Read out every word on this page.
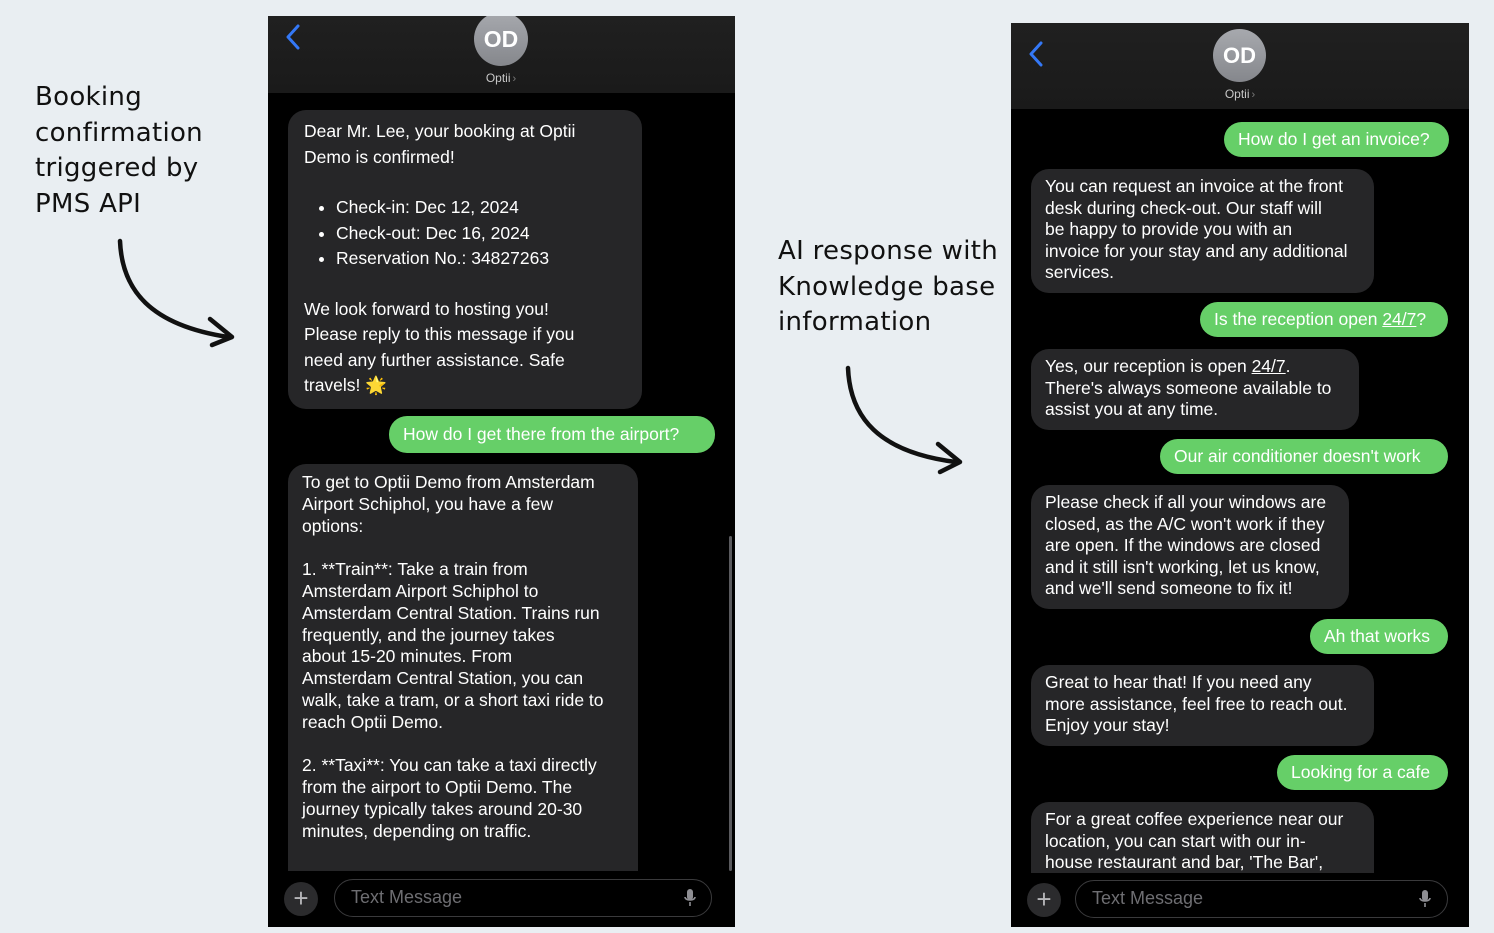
Booking
confirmation
triggered by
PMS API
AI response with
Knowledge base
information
OD
Optii ›

Dear Mr. Lee, your booking at Optii

Demo is confirmed!

• Check-in: Dec 12, 2024
• Check-out: Dec 16, 2024
• Reservation No.: 34827263

We look forward to hosting you!

Please reply to this message if you

need any further assistance. Safe

travels! 🌟

How do I get there from the airport?

To get to Optii Demo from Amsterdam

Airport Schiphol, you have a few

options:

1. **Train**: Take a train from

Amsterdam Airport Schiphol to

Amsterdam Central Station. Trains run

frequently, and the journey takes

about 15-20 minutes. From

Amsterdam Central Station, you can

walk, take a tram, or a short taxi ride to

reach Optii Demo.

2. **Taxi**: You can take a taxi directly

from the airport to Optii Demo. The

journey typically takes around 20-30

minutes, depending on traffic.

+
Text Message
OD
Optii ›
How do I get an invoice?

You can request an invoice at the front

desk during check-out. Our staff will

be happy to provide you with an

invoice for your stay and any additional

services.

Is the reception open 24/7?

Yes, our reception is open 24/7.

There's always someone available to

assist you at any time.

Our air conditioner doesn't work

Please check if all your windows are

closed, as the A/C won't work if they

are open. If the windows are closed

and it still isn't working, let us know,

and we'll send someone to fix it!

Ah that works

Great to hear that! If you need any

more assistance, feel free to reach out.

Enjoy your stay!

Looking for a cafe

For a great coffee experience near our

location, you can start with our in-

house restaurant and bar, 'The Bar',

+
Text Message
